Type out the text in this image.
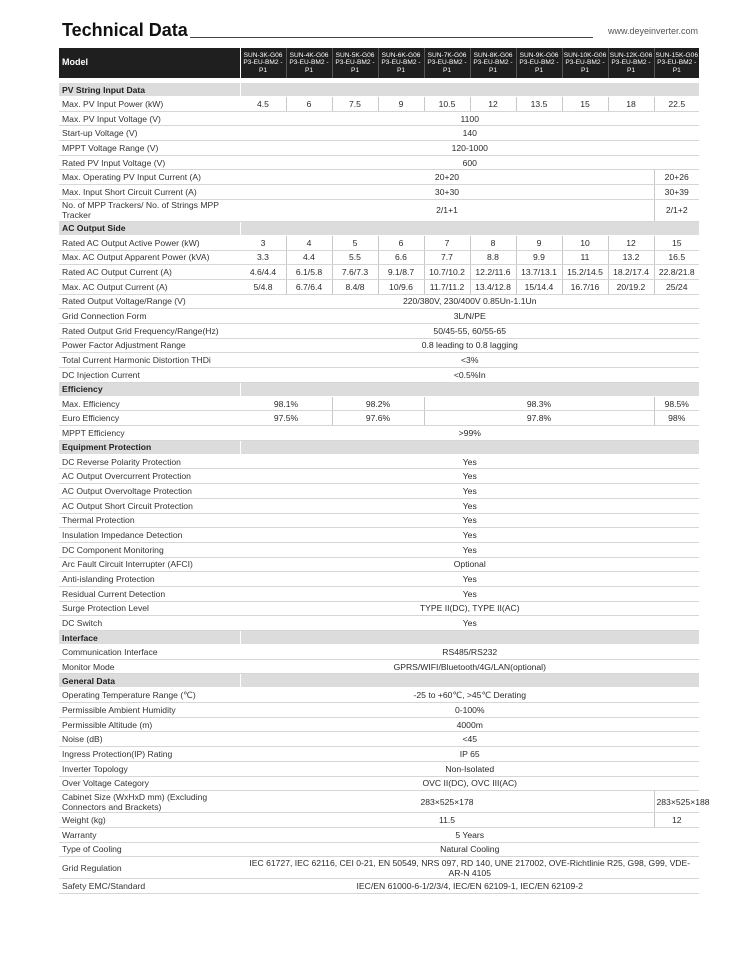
Technical Data	www.deyeinverter.com
Model	SUN-3K-G06 P3-EU-BM2 -P1	SUN-4K-G06 P3-EU-BM2 -P1	SUN-5K-G06 P3-EU-BM2 -P1	SUN-6K-G06 P3-EU-BM2 -P1	SUN-7K-G06 P3-EU-BM2 -P1	SUN-8K-G06 P3-EU-BM2 -P1	SUN-9K-G06 P3-EU-BM2 -P1	SUN-10K-G06 P3-EU-BM2 -P1	SUN-12K-G06 P3-EU-BM2 -P1	SUN-15K-G06 P3-EU-BM2 -P1

PV String Input Data										
Max. PV Input Power (kW)	4.5	6	7.5	9	10.5	12	13.5	15	18	22.5
Max. PV Input Voltage (V)	1100									
Start-up Voltage (V)	140									
MPPT Voltage Range (V)	120-1000									
Rated PV Input Voltage (V)	600									
Max. Operating PV Input Current (A)	20+20									20+26
Max. Input Short Circuit Current (A)	30+30									30+39
No. of MPP Trackers/ No. of Strings MPP Tracker	2/1+1									2/1+2
AC Output Side										
Rated AC Output Active Power (kW)	3	4	5	6	7	8	9	10	12	15
Max. AC Output Apparent Power (kVA)	3.3	4.4	5.5	6.6	7.7	8.8	9.9	11	13.2	16.5
Rated AC Output Current (A)	4.6/4.4	6.1/5.8	7.6/7.3	9.1/8.7	10.7/10.2	12.2/11.6	13.7/13.1	15.2/14.5	18.2/17.4	22.8/21.8
Max. AC Output Current (A)	5/4.8	6.7/6.4	8.4/8	10/9.6	11.7/11.2	13.4/12.8	15/14.4	16.7/16	20/19.2	25/24
Rated Output Voltage/Range (V)	220/380V, 230/400V 0.85Un-1.1Un									
Grid Connection Form	3L/N/PE									
Rated Output Grid Frequency/Range(Hz)	50/45-55, 60/55-65									
Power Factor Adjustment Range	0.8 leading to 0.8 lagging									
Total Current Harmonic Distortion THDi	<3%									
DC Injection Current	<0.5%In									
Efficiency										
Max. Efficiency	98.1%		98.2%		98.3%					98.5%
Euro Efficiency	97.5%		97.6%		97.8%					98%
MPPT Efficiency	>99%									
Equipment Protection										
DC Reverse Polarity Protection	Yes									
AC Output Overcurrent Protection	Yes									
AC Output Overvoltage Protection	Yes									
AC Output Short Circuit Protection	Yes									
Thermal Protection	Yes									
Insulation Impedance Detection	Yes									
DC Component Monitoring	Yes									
Arc Fault Circuit Interrupter (AFCI)	Optional									
Anti-islanding Protection	Yes									
Residual Current Detection	Yes									
Surge Protection Level	TYPE II(DC), TYPE II(AC)									
DC Switch	Yes									
Interface										
Communication Interface	RS485/RS232									
Monitor Mode	GPRS/WIFI/Bluetooth/4G/LAN(optional)									
General Data										
Operating Temperature Range (℃)	-25 to +60℃, >45℃ Derating									
Permissible Ambient Humidity	0-100%									
Permissible Altitude (m)	4000m									
Noise (dB)	<45									
Ingress Protection(IP) Rating	IP 65									
Inverter Topology	Non-Isolated									
Over Voltage Category	OVC II(DC), OVC III(AC)									
Cabinet Size (WxHxD mm) (Excluding Connectors and Brackets)	283×525×178									283×525×188
Weight (kg)	11.5									12
Warranty	5 Years									
Type of Cooling	Natural Cooling									
Grid Regulation	IEC 61727, IEC 62116, CEI 0-21, EN 50549, NRS 097, RD 140, UNE 217002, OVE-Richtlinie R25, G98, G99, VDE-AR-N 4105									
Safety EMC/Standard	IEC/EN 61000-6-1/2/3/4, IEC/EN 62109-1, IEC/EN 62109-2									
